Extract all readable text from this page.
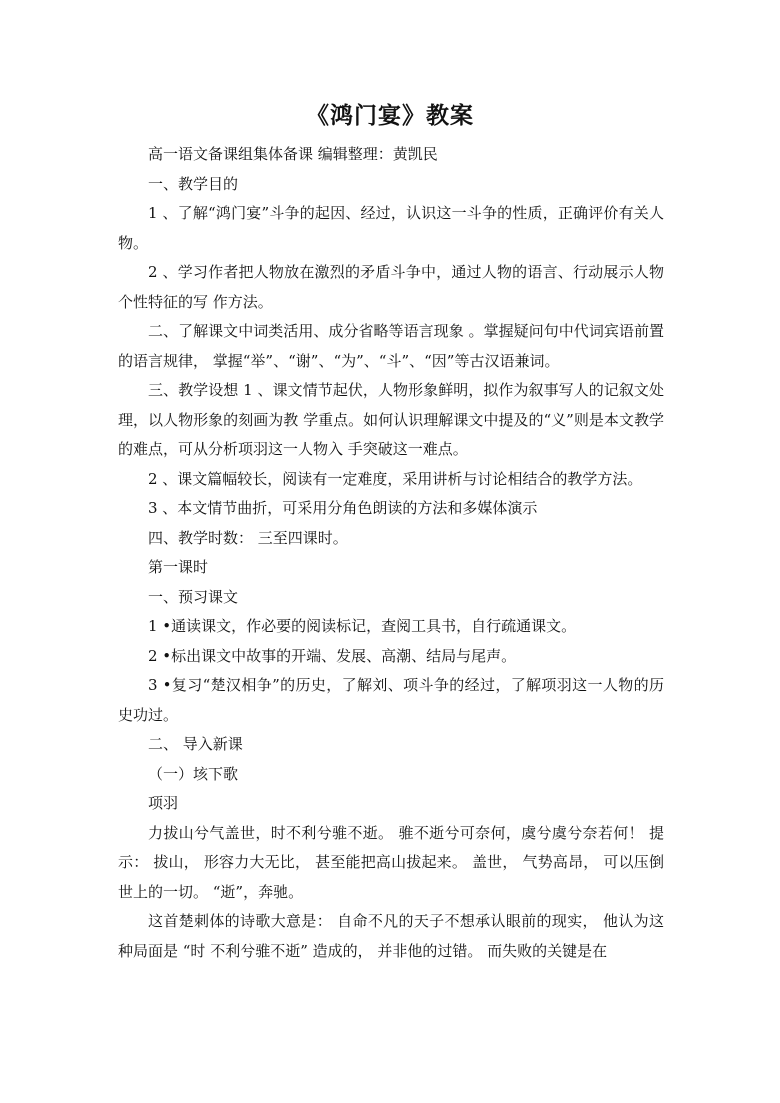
《鸿门宴》教案

高一语文备课组集体备课 编辑整理：黄凯民

一、教学目的

1 、了解“鸿门宴”斗争的起因、经过，认识这一斗争的性质，正确评价有关人物。

2 、学习作者把人物放在激烈的矛盾斗争中，通过人物的语言、行动展示人物个性特征的写 作方法。

二、了解课文中词类活用、成分省略等语言现象 。掌握疑问句中代词宾语前置的语言规律， 掌握“举”、“谢”、“为”、“斗”、“因”等古汉语兼词。

三、教学设想 1 、课文情节起伏，人物形象鲜明，拟作为叙事写人的记叙文处理，以人物形象的刻画为教 学重点。如何认识理解课文中提及的“义”则是本文教学的难点，可从分析项羽这一人物入 手突破这一难点。

2 、课文篇幅较长，阅读有一定难度，采用讲析与讨论相结合的教学方法。

3 、本文情节曲折，可采用分角色朗读的方法和多媒体演示

四、教学时数： 三至四课时。

第一课时

一、预习课文

1 •通读课文，作必要的阅读标记，查阅工具书，自行疏通课文。

2 •标出课文中故事的开端、发展、高潮、结局与尾声。

3 •复习“楚汉相争”的历史，了解刘、项斗争的经过，了解项羽这一人物的历史功过。

二、 导入新课

（一）垓下歌

项羽

力拔山兮气盖世，时不利兮骓不逝。 骓不逝兮可奈何，虞兮虞兮奈若何！ 提示： 拔山， 形容力大无比， 甚至能把高山拔起来。 盖世， 气势高昂， 可以压倒世上的一切。 “逝”，奔驰。

这首楚刺体的诗歌大意是： 自命不凡的天子不想承认眼前的现实， 他认为这种局面是 “时 不利兮骓不逝” 造成的， 并非他的过错。 而失败的关键是在
